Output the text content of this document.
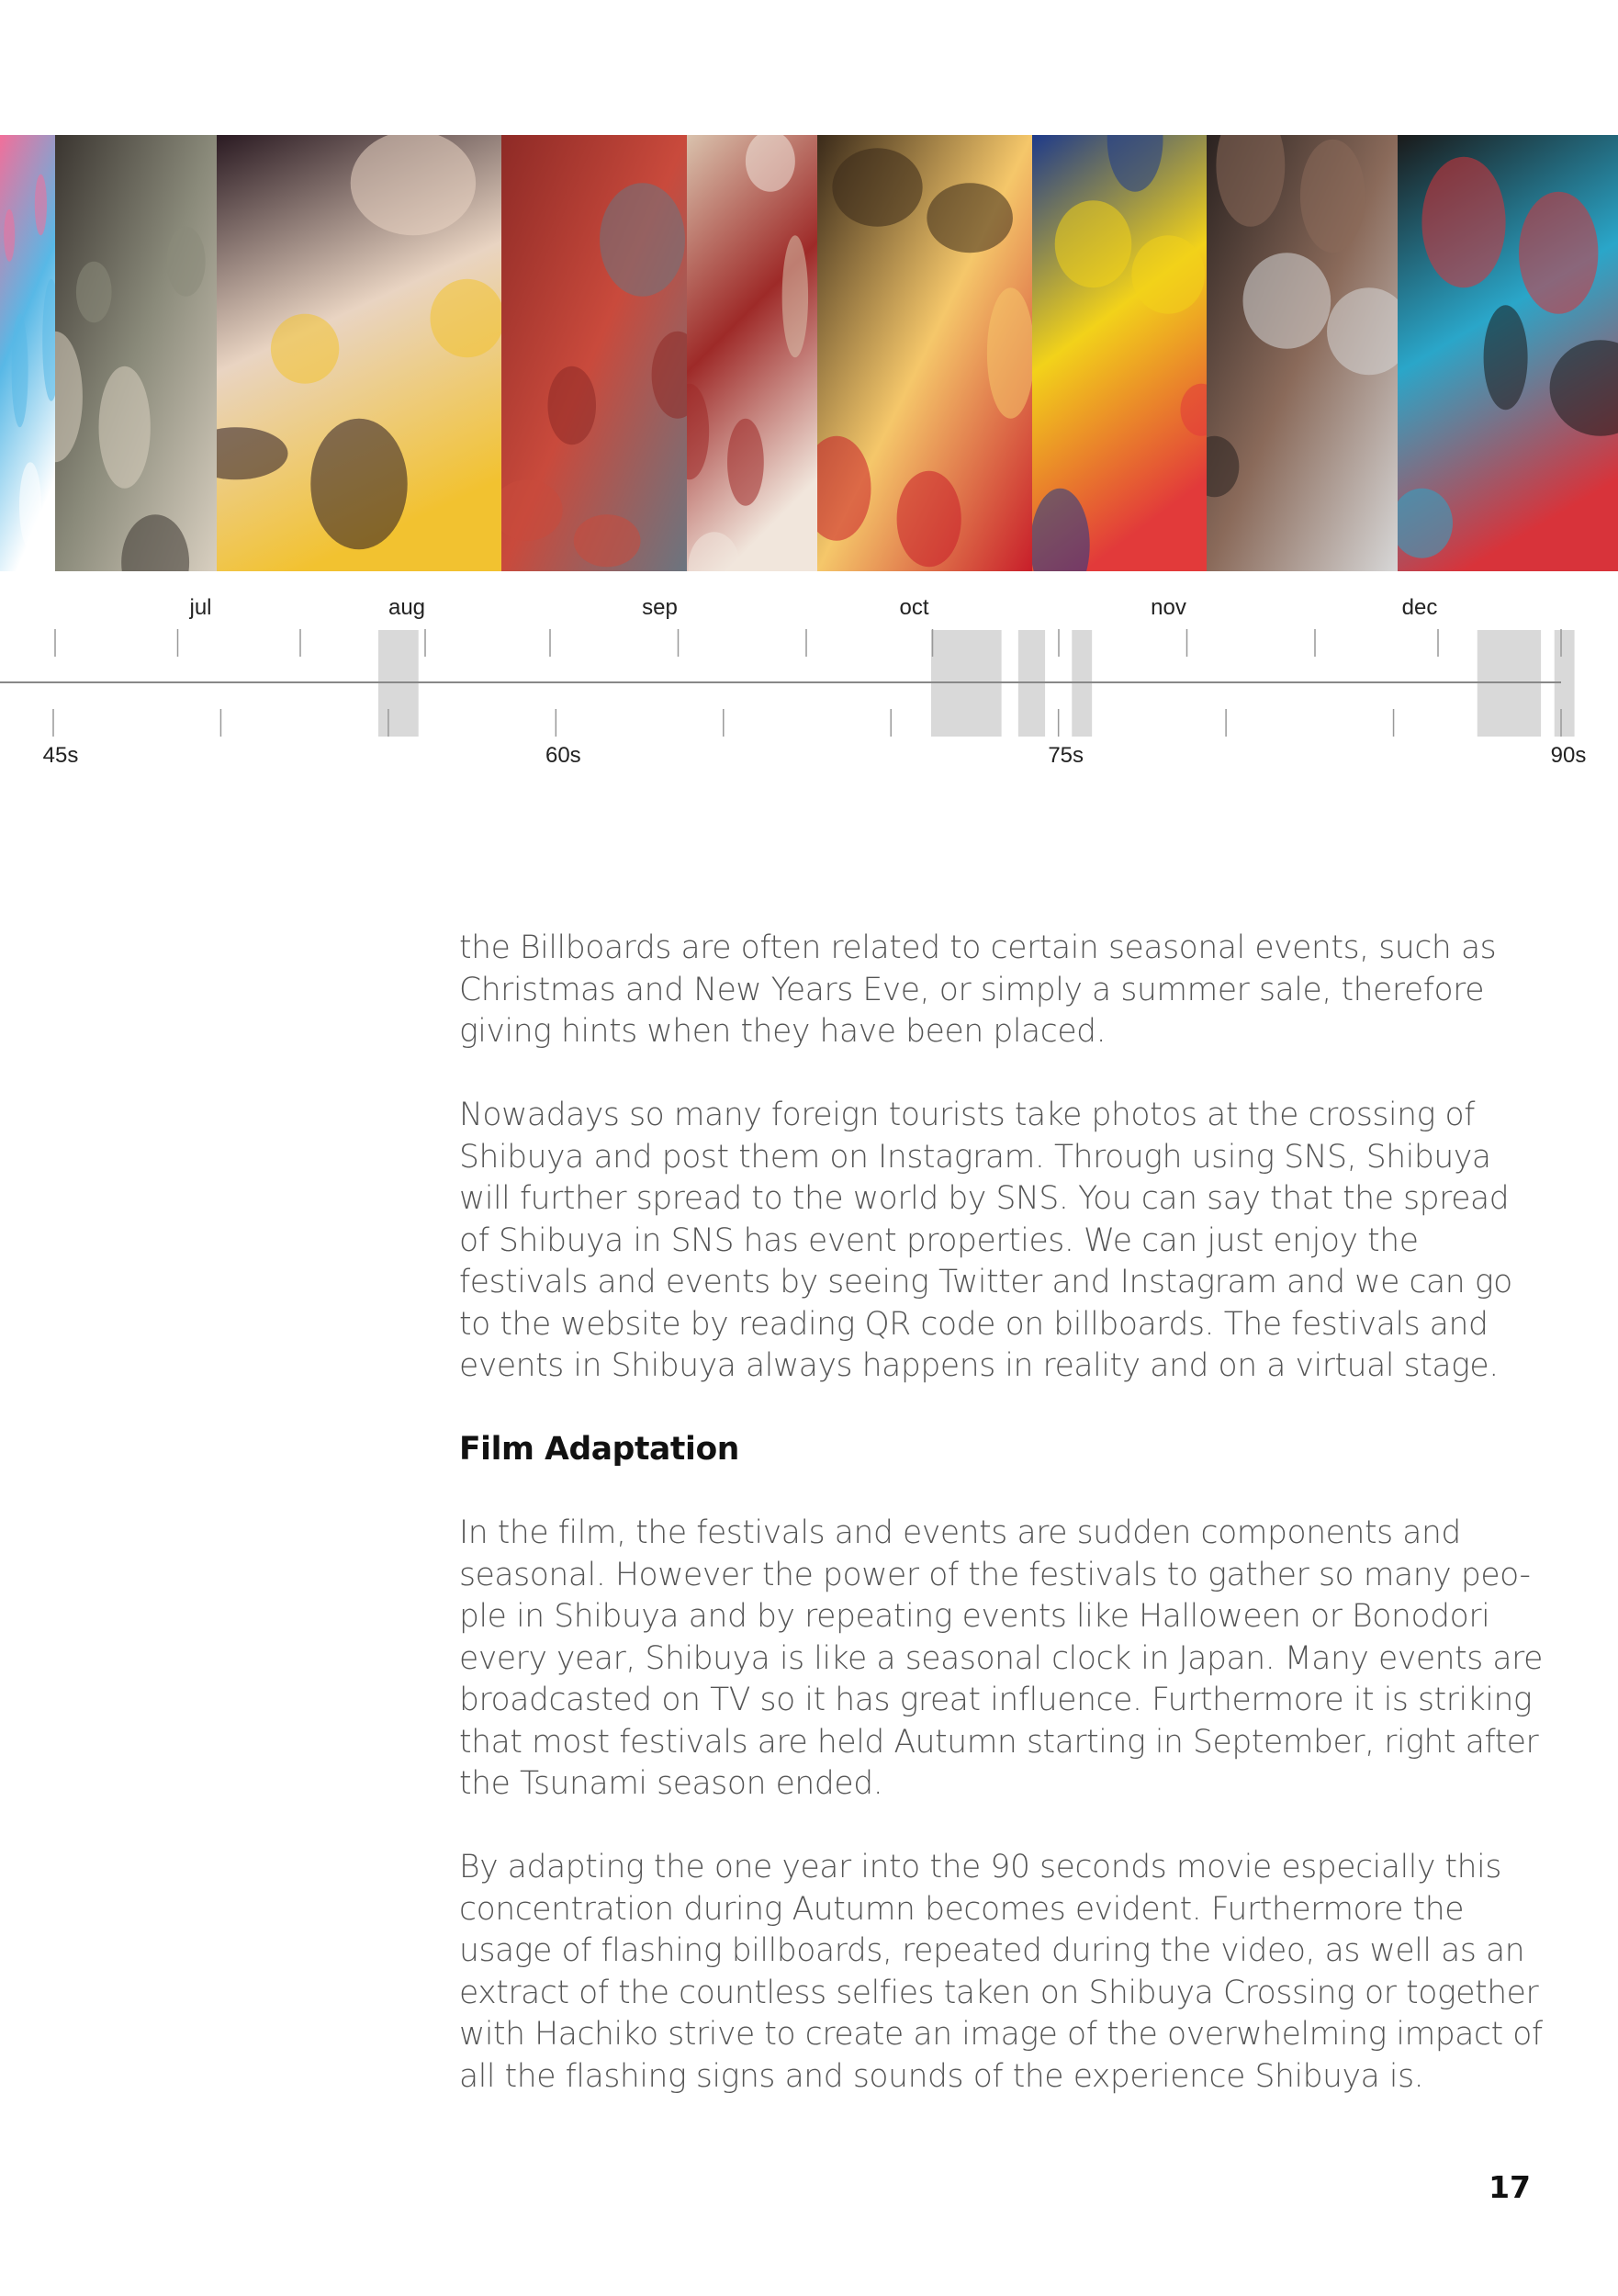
jul	aug	sep	oct	nov	dec
45s	60s	75s	90s

the Billboards are often related to certain seasonal events, such as Christmas and New Years Eve, or simply a summer sale, therefore giving hints when they have been placed.

Nowadays so many foreign tourists take photos at the crossing of Shibuya and post them on Instagram. Through using SNS, Shibuya will further spread to the world by SNS. You can say that the spread of Shibuya in SNS has event properties. We can just enjoy the festivals and events by seeing Twitter and Instagram and we can go to the website by reading QR code on billboards. The festivals and events in Shibuya always happens in reality and on a virtual stage.

Film Adaptation

In the film, the festivals and events are sudden components and seasonal. However the power of the festivals to gather so many peo-ple in Shibuya and by repeating events like Halloween or Bonodori every year, Shibuya is like a seasonal clock in Japan. Many events are broadcasted on TV so it has great influence. Furthermore it is striking that most festivals are held Autumn starting in September, right after the Tsunami season ended.

By adapting the one year into the 90 seconds movie especially this concentration during Autumn becomes evident. Furthermore the usage of flashing billboards, repeated during the video, as well as an extract of the countless selfies taken on Shibuya Crossing or together with Hachiko strive to create an image of the overwhelming impact of all the flashing signs and sounds of the experience Shibuya is.

17
